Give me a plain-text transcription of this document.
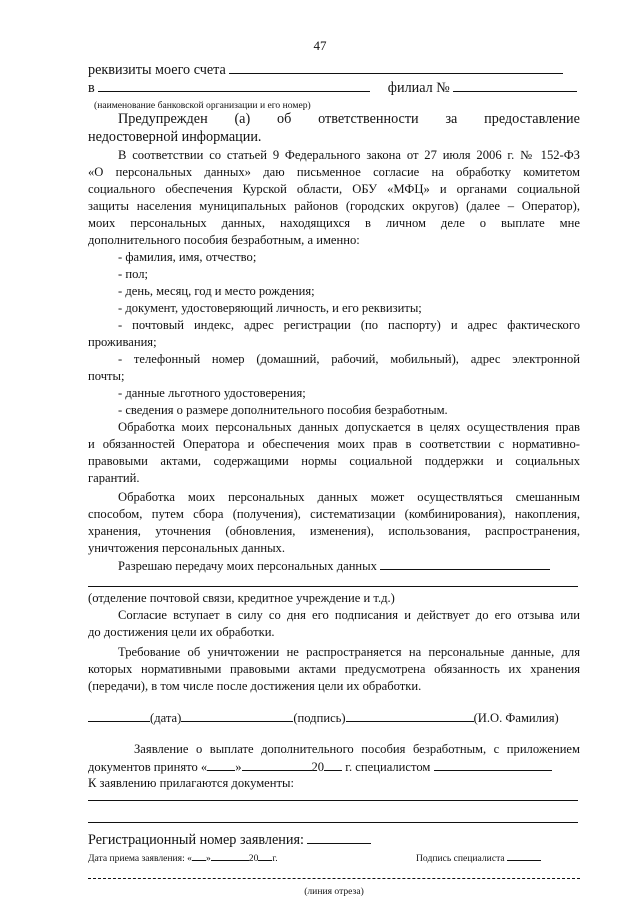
47
реквизиты моего счета
в	филиал №
(наименование банковской организации и его номер)
Предупрежден (а) об ответственности за предоставление
недостоверной информации.
В соответствии со статьей 9 Федерального закона от 27 июля 2006 г. № 152-ФЗ
«О персональных данных» даю письменное согласие на обработку комитетом
социального обеспечения Курской области, ОБУ «МФЦ» и органами социальной
защиты населения муниципальных районов (городских округов) (далее – Оператор),
моих персональных данных, находящихся в личном деле о выплате мне
дополнительного пособия безработным, а именно:
- фамилия, имя, отчество;
- пол;
- день, месяц, год и место рождения;
- документ, удостоверяющий личность, и его реквизиты;
- почтовый индекс, адрес регистрации (по паспорту) и адрес фактического
проживания;
- телефонный номер (домашний, рабочий, мобильный), адрес электронной
почты;
- данные льготного удостоверения;
- сведения о размере дополнительного пособия безработным.
Обработка моих персональных данных допускается в целях осуществления прав
и обязанностей Оператора и обеспечения моих прав в соответствии с нормативно-
правовыми актами, содержащими нормы социальной поддержки и социальных
гарантий.
Обработка моих персональных данных может осуществляться смешанным
способом, путем сбора (получения), систематизации (комбинирования), накопления,
хранения, уточнения (обновления, изменения), использования, распространения,
уничтожения персональных данных.
Разрешаю передачу моих персональных данных
(отделение почтовой связи, кредитное учреждение и т.д.)
Согласие вступает в силу со дня его подписания и действует до его отзыва или
до достижения цели их обработки.
Требование об уничтожении не распространяется на персональные данные, для
которых нормативными правовыми актами предусмотрена обязанность их хранения
(передачи), в том числе после достижения цели их обработки.
(дата)	(подпись)	(И.О. Фамилия)
Заявление о выплате дополнительного пособия безработным, с приложением
документов принято « »	20 г. специалистом
К заявлению прилагаются документы:
Регистрационный номер заявления:
Дата приема заявления: « »	20 г.	Подпись специалиста
(линия отреза)
